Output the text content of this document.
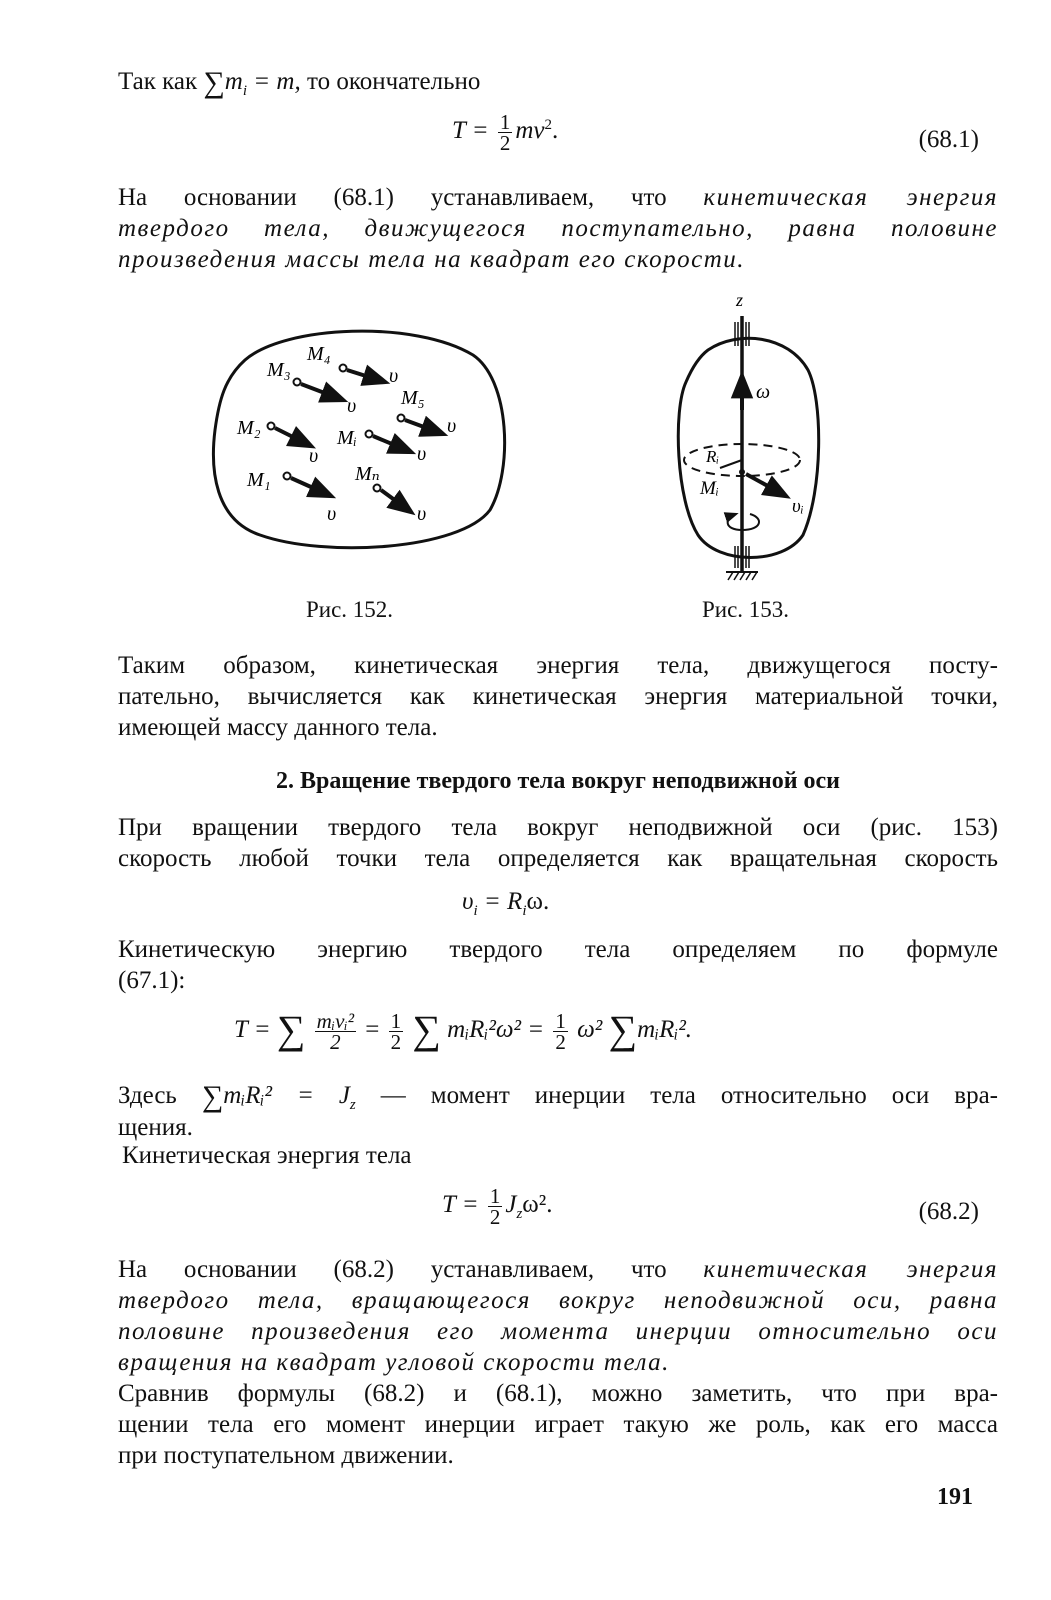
Так как $\sum m_i = m$, то окончательно
$T = \frac{1}{2} mv^2$.	(68.1)
На основании (68.1) устанавливаем, что кинетическая энергия
твердого тела, движущегося поступательно, равна половине
произведения массы тела на квадрат его скорости.
M₄
υ
M₃
υ M₅
υ
M₂
υ
Mᵢ
υ
M₁
υ
Mₙ
υ
Рис. 152.
z
ω
Rᵢ
Mᵢ
υᵢ
Рис. 153.
Таким образом, кинетическая энергия тела, движущегося посту-
пательно, вычисляется как кинетическая энергия материальной точки,
имеющей массу данного тела.
2. Вращение твердого тела вокруг неподвижной оси
При вращении твердого тела вокруг неподвижной оси (рис. 153)
скорость любой точки тела определяется как вращательная скорость
$\upsilon_i = R_i\omega$.
Кинетическую энергию твердого тела определяем по формуле
(67.1):
T = ∑ $\frac{\text{mᵢvᵢ²}}{2} = \frac{1}{2}$ ∑ mᵢRᵢ²ω² = $\frac{1}{2} \omega^2$ ∑mᵢRᵢ².
Здесь ∑mᵢRᵢ² = $J_z$ — момент инерции тела относительно оси вра-
щения.
Кинетическая энергия тела
$T = \frac{1}{2} J_z\omega^2$.	(68.2)
На основании (68.2) устанавливаем, что кинетическая энергия
твердого тела, вращающегося вокруг неподвижной оси, равна
половине произведения его момента инерции относительно оси
вращения на квадрат угловой скорости тела.
Сравнив формулы (68.2) и (68.1), можно заметить, что при вра-
щении тела его момент инерции играет такую же роль, как его масса
при поступательном движении.
191
